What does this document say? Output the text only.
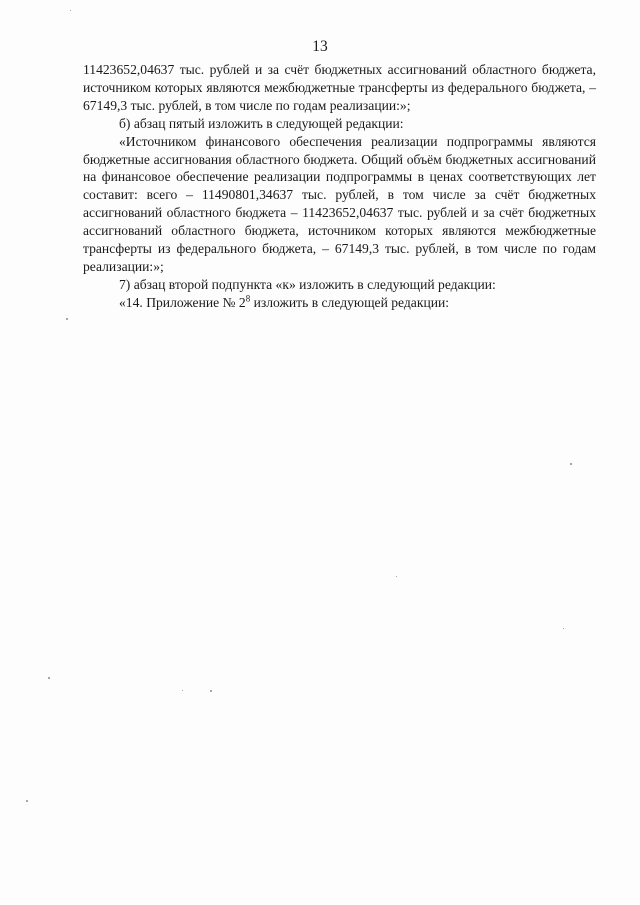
13

11423652,04637 тыс. рублей и за счёт бюджетных ассигнований областного бюджета, источником которых являются межбюджетные трансферты из федерального бюджета, – 67149,3 тыс. рублей, в том числе по годам реализации:»;

б) абзац пятый изложить в следующей редакции:

«Источником финансового обеспечения реализации подпрограммы являются бюджетные ассигнования областного бюджета. Общий объём бюджетных ассигнований на финансовое обеспечение реализации подпрограммы в ценах соответствующих лет составит: всего – 11490801,34637 тыс. рублей, в том числе за счёт бюджетных ассигнований областного бюджета – 11423652,04637 тыс. рублей и за счёт бюджетных ассигнований областного бюджета, источником которых являются межбюджетные трансферты из федерального бюджета, – 67149,3 тыс. рублей, в том числе по годам реализации:»;

7) абзац второй подпункта «к» изложить в следующий редакции:

«14. Приложение № $2^8$ изложить в следующей редакции:
